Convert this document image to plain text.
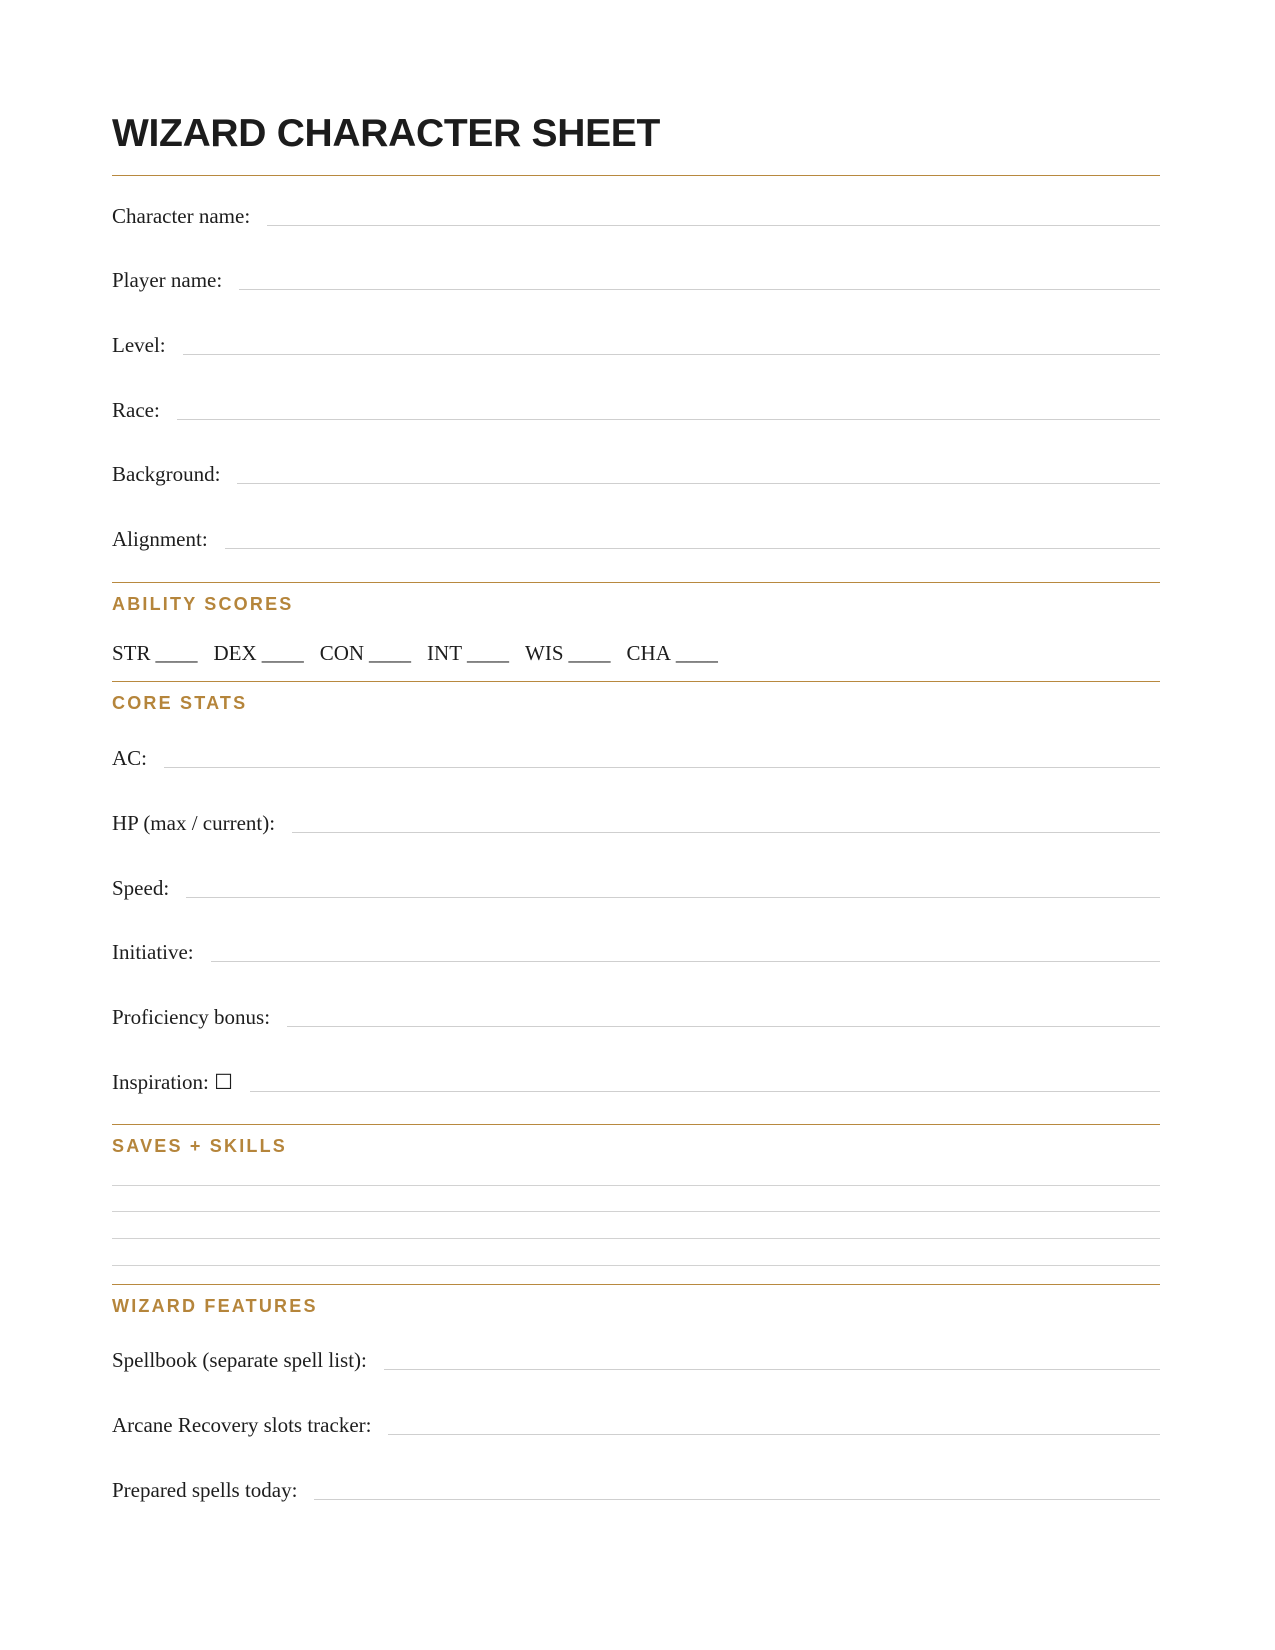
WIZARD CHARACTER SHEET
Character name:
Player name:
Level:
Race:
Background:
Alignment:
ABILITY SCORES
STR ____ DEX ____ CON ____ INT ____ WIS ____ CHA ____
CORE STATS
AC:
HP (max / current):
Speed:
Initiative:
Proficiency bonus:
Inspiration: ☐
SAVES + SKILLS
WIZARD FEATURES
Spellbook (separate spell list):
Arcane Recovery slots tracker:
Prepared spells today:
